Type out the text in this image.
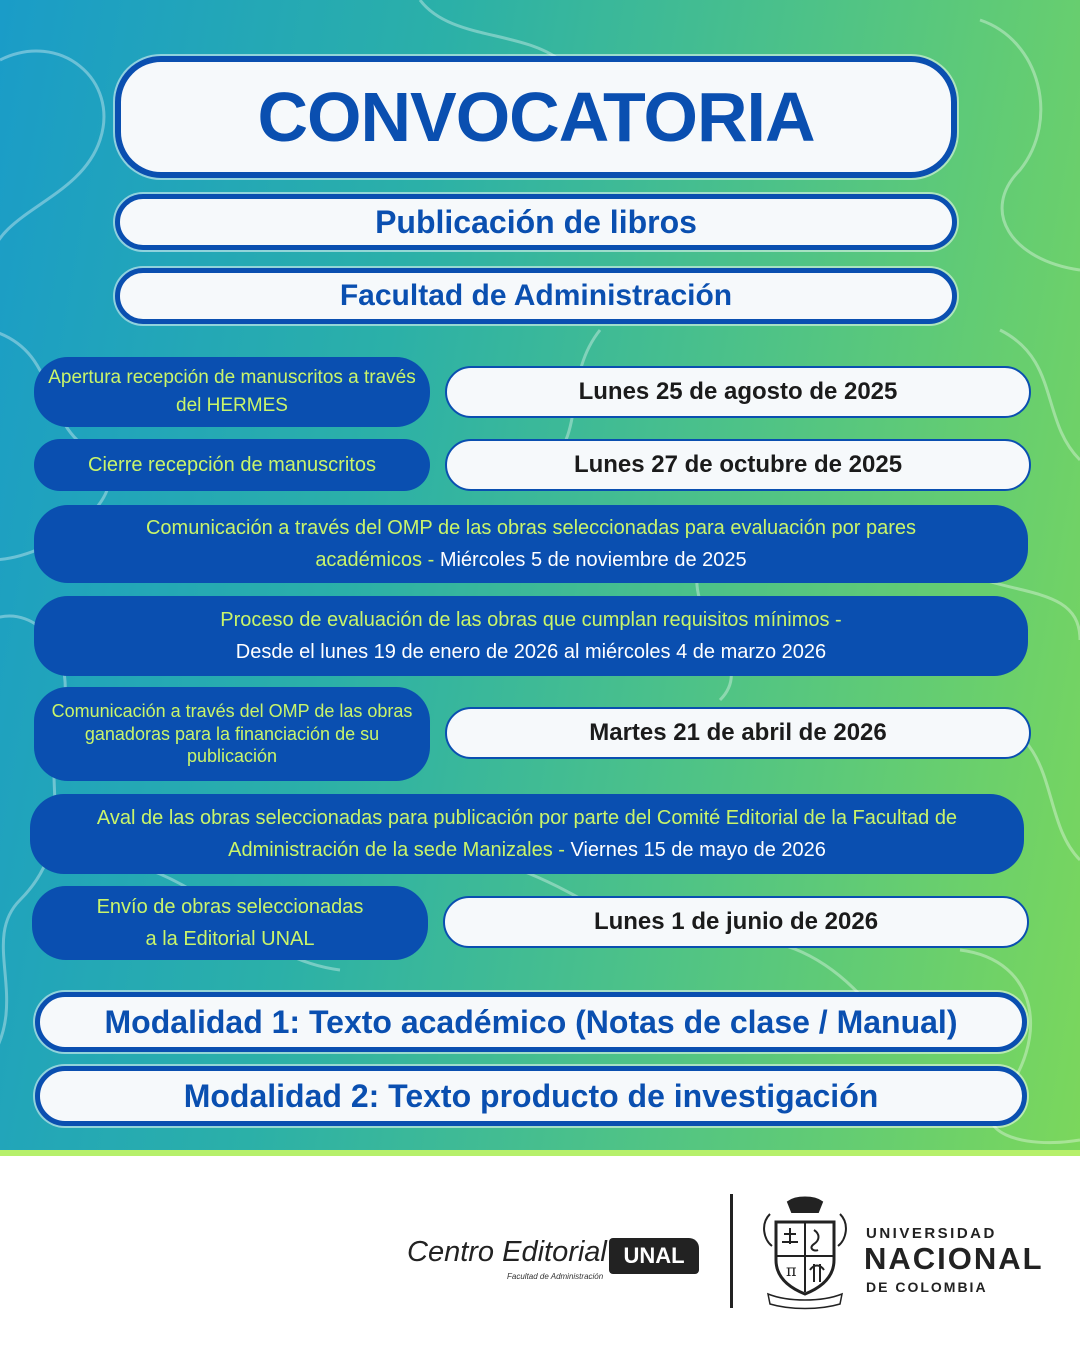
CONVOCATORIA
Publicación de libros
Facultad de Administración
Apertura recepción de manuscritos a través del HERMES
Lunes 25 de agosto de 2025
Cierre recepción de manuscritos	Lunes 27 de octubre de 2025
Comunicación a través del OMP de las obras seleccionadas para evaluación por pares académicos - Miércoles 5 de noviembre de 2025
Proceso de evaluación de las obras que cumplan requisitos mínimos -
Desde el lunes 19 de enero de 2026 al miércoles 4 de marzo 2026
Comunicación a través del OMP de las obras ganadoras para la financiación de su publicación
Martes 21 de abril de 2026
Aval de las obras seleccionadas para publicación por parte del Comité Editorial de la Facultad de Administración de la sede Manizales - Viernes 15 de mayo de 2026
Envío de obras seleccionadas a la Editorial UNAL
Lunes 1 de junio de 2026
Modalidad 1: Texto académico (Notas de clase / Manual)
Modalidad 2: Texto producto de investigación
Centro Editorial
Facultad de Administración
UNAL
π
UNIVERSIDAD
NACIONAL
DE COLOMBIA
